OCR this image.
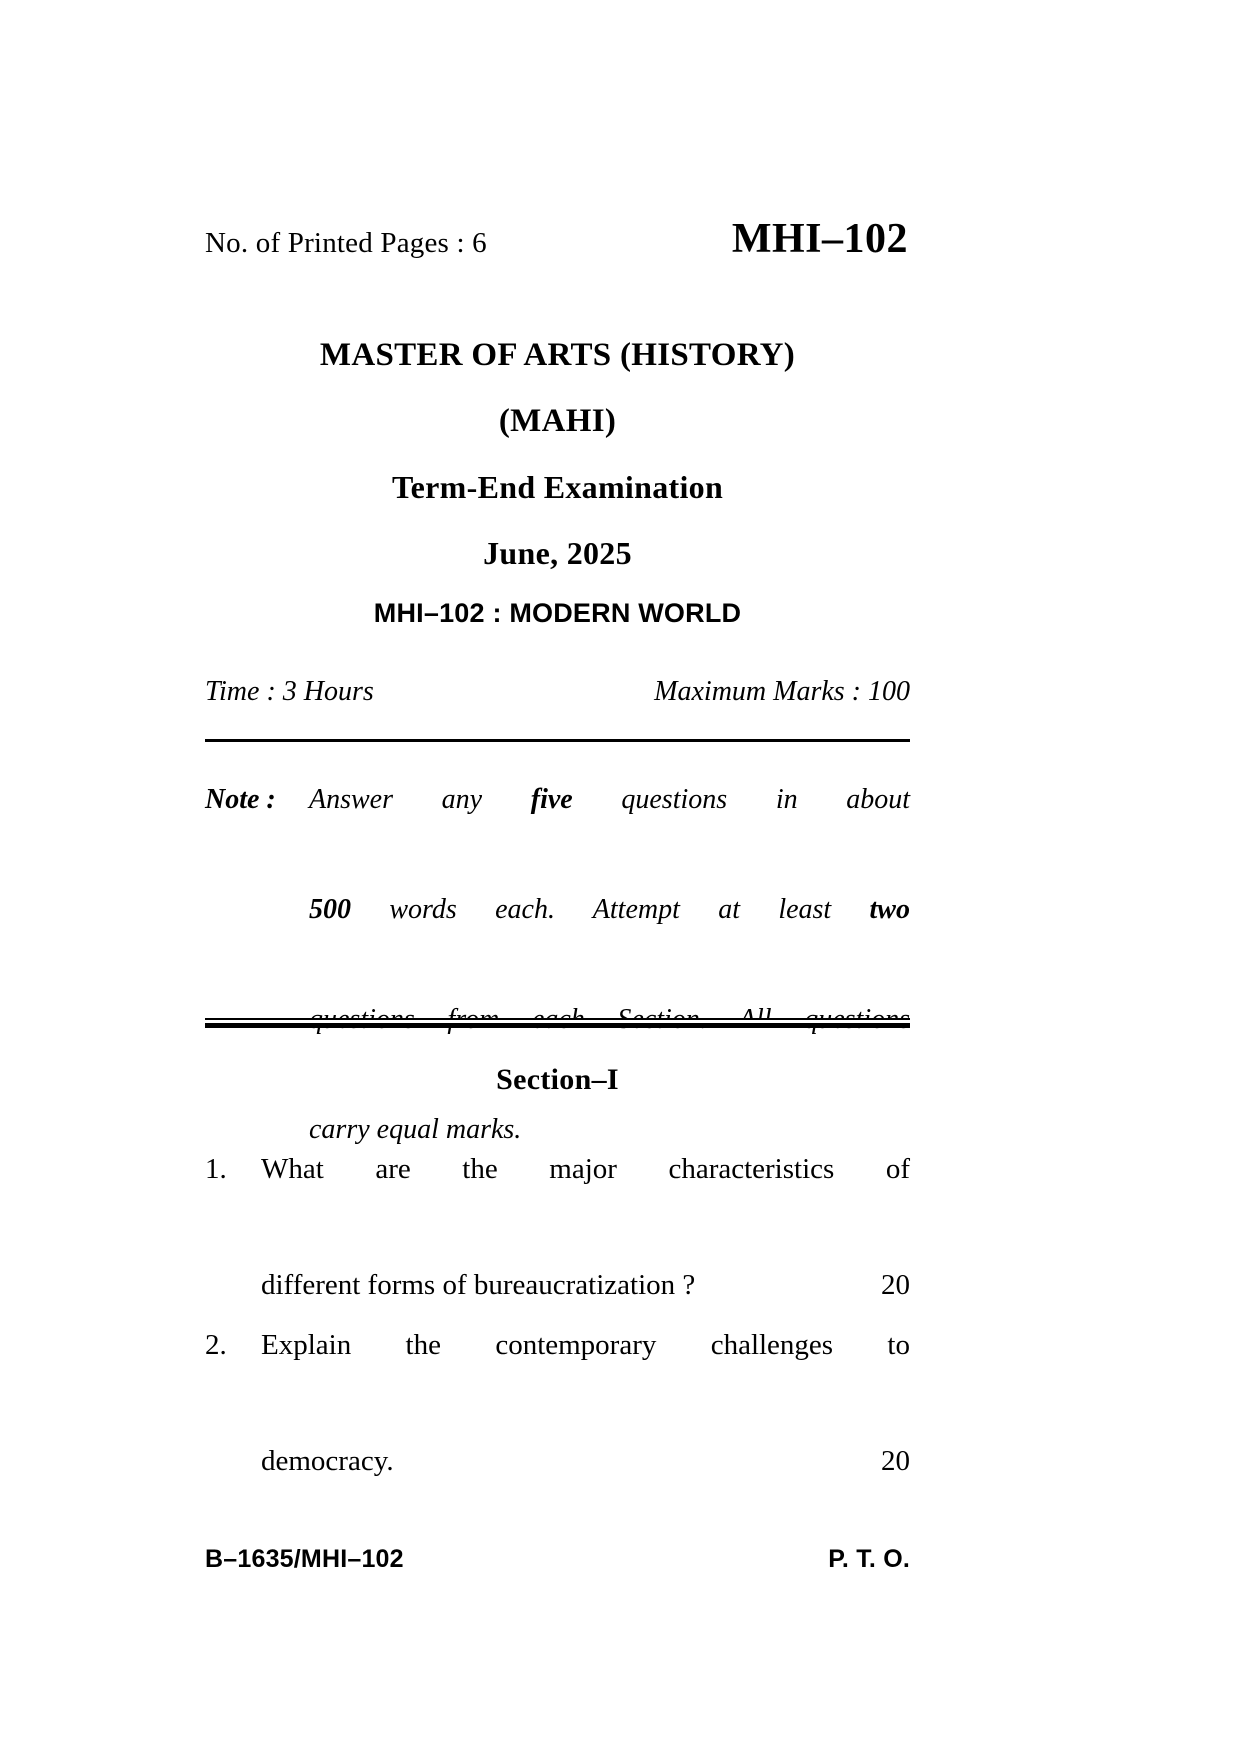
No. of Printed Pages : 6	MHI–102
MASTER OF ARTS (HISTORY)
(MAHI)
Term-End Examination
June, 2025
MHI–102 : MODERN WORLD
Time : 3 Hours	Maximum Marks : 100
Note : Answer any five questions in about
500 words each. Attempt at least two
carry equal marks.
Section–I
1.	What are the major characteristics of
different forms of bureaucratization ?	20
2.	Explain the contemporary challenges to
democracy.	20
B–1635/MHI–102	P. T. O.
